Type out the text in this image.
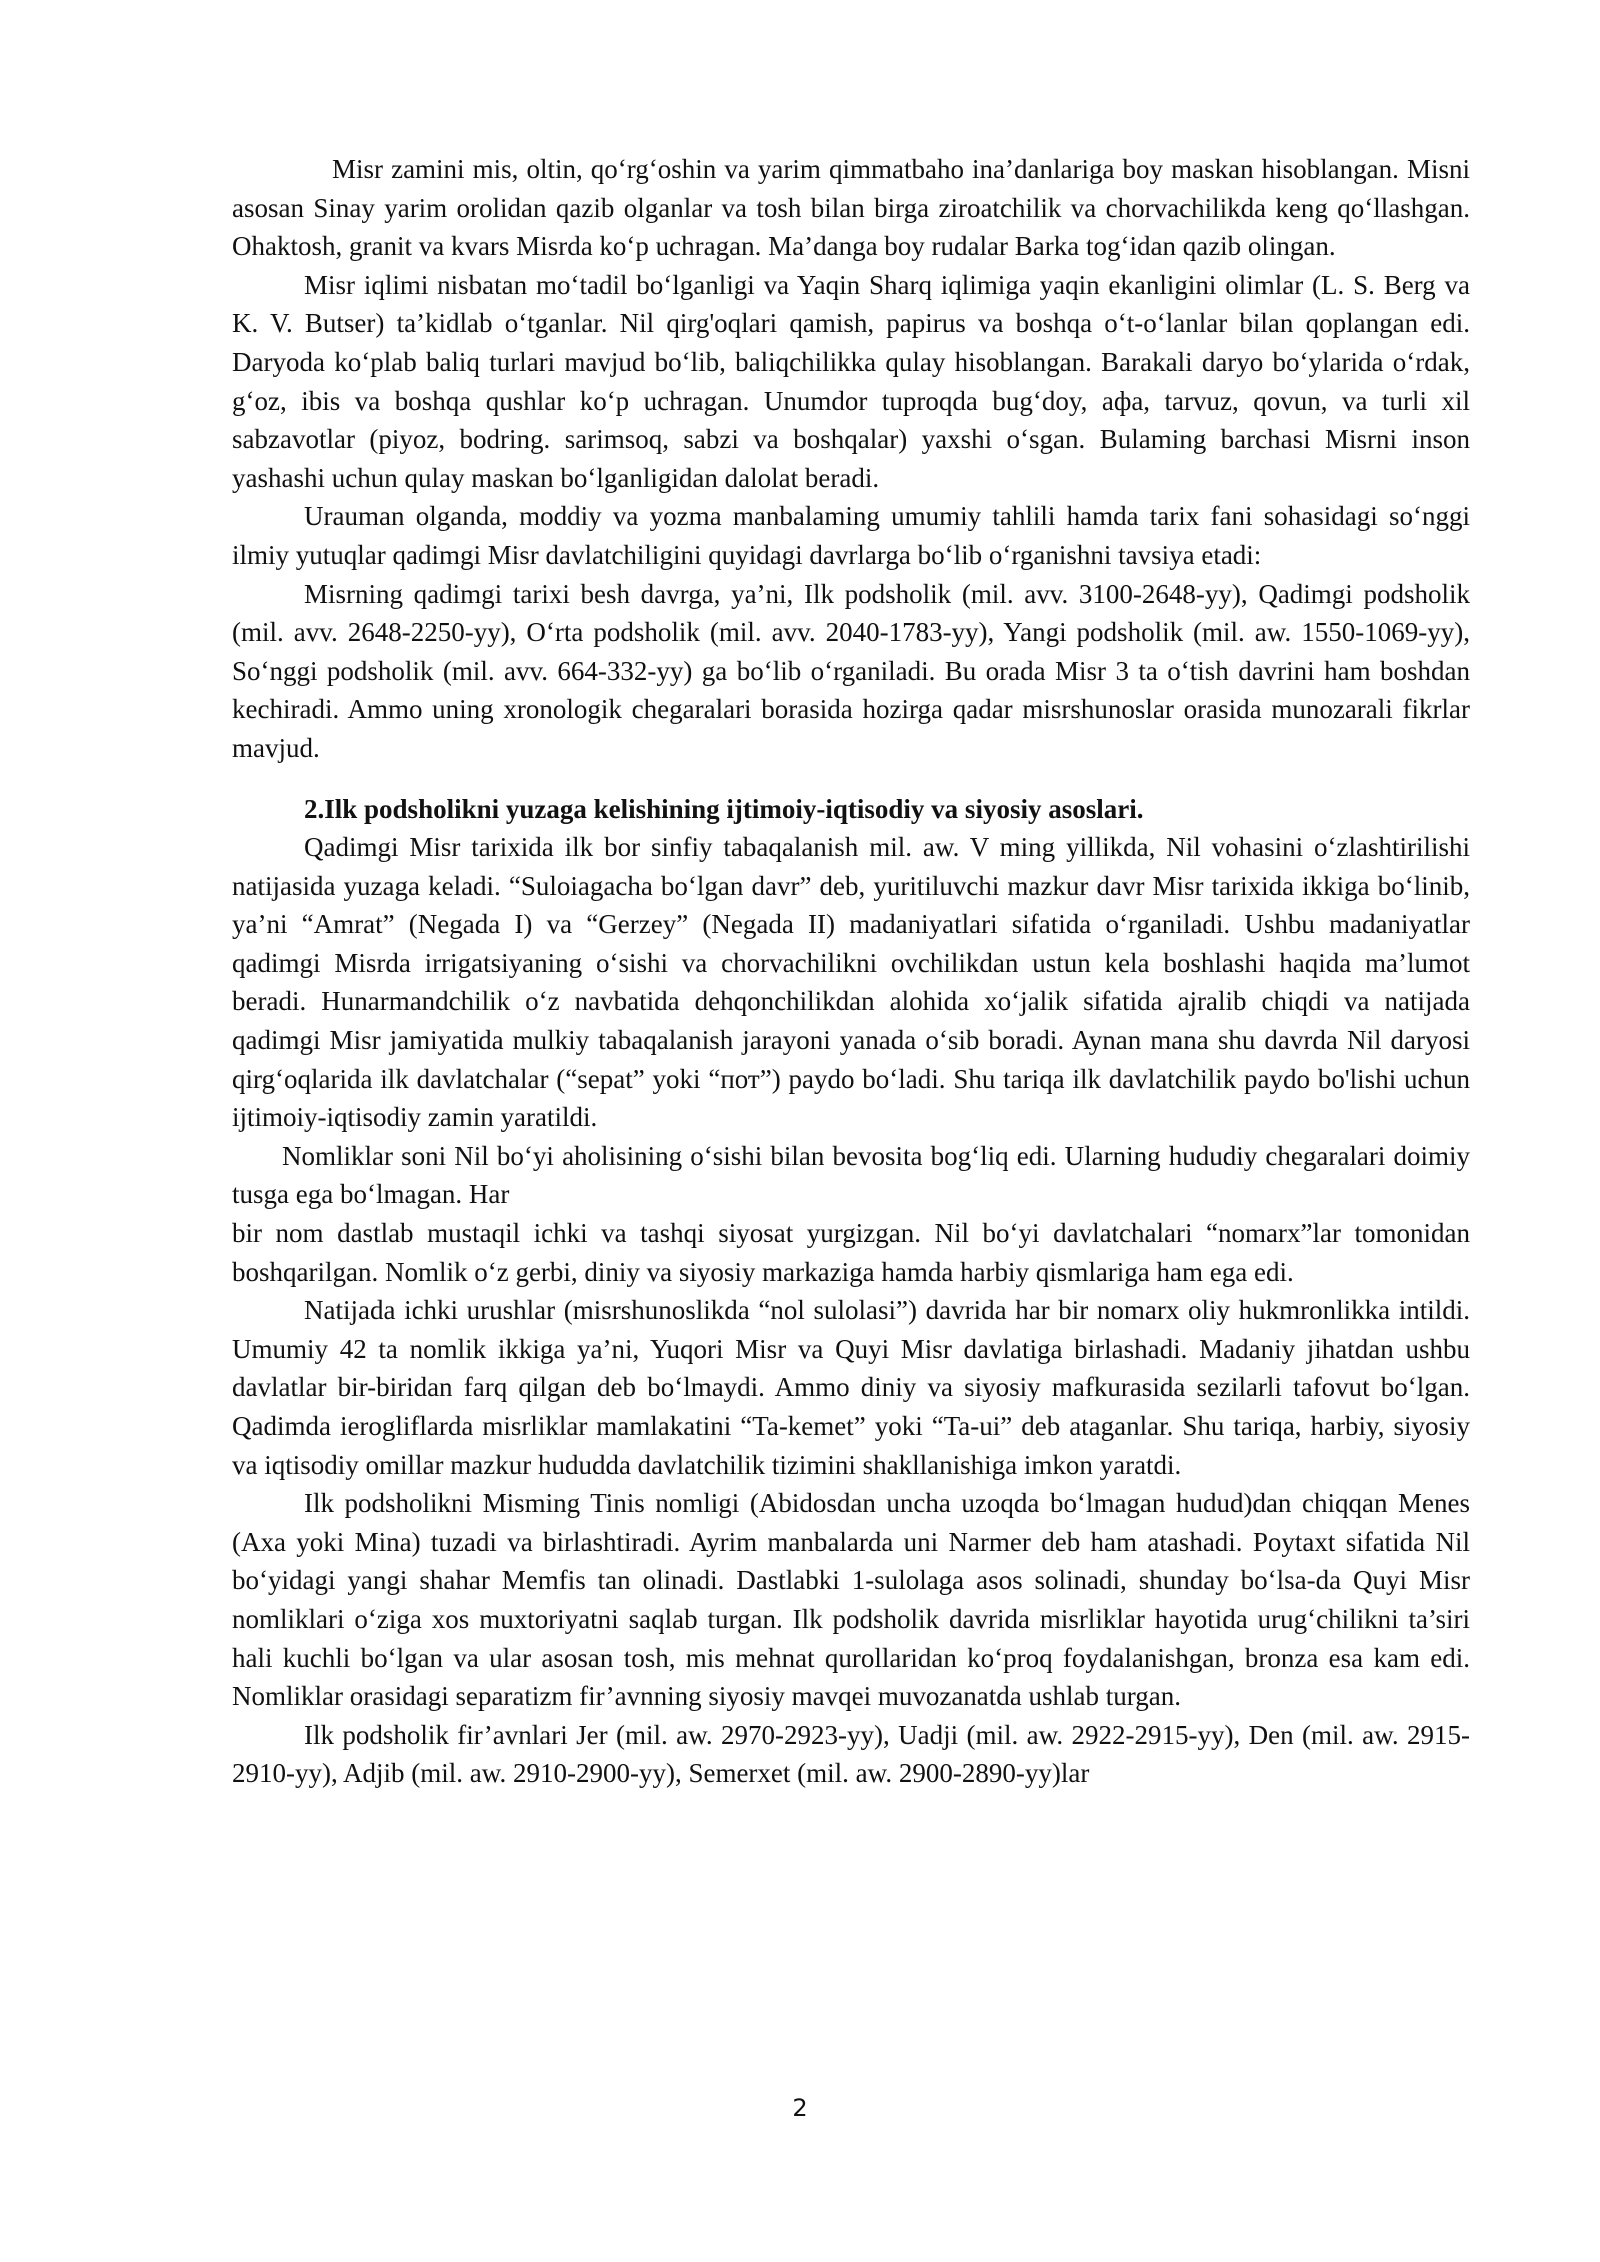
Misr zamini mis, oltin, qo‘rg‘oshin va yarim qimmatbaho ina’danlariga boy maskan hisoblangan. Misni asosan Sinay yarim orolidan qazib olganlar va tosh bilan birga ziroatchilik va chorvachilikda keng qo‘llashgan. Ohaktosh, granit va kvars Misrda ko‘p uchragan. Ma’danga boy rudalar Barka tog‘idan qazib olingan.

Misr iqlimi nisbatan mo‘tadil bo‘lganligi va Yaqin Sharq iqlimiga yaqin ekanligini olimlar (L. S. Berg va K. V. Butser) ta’kidlab o‘tganlar. Nil qirg'oqlari qamish, papirus va boshqa o‘t-o‘lanlar bilan qoplangan edi. Daryoda ko‘plab baliq turlari mavjud bo‘lib, baliqchilikka qulay hisoblangan. Barakali daryo bo‘ylarida o‘rdak, g‘oz, ibis va boshqa qushlar ko‘p uchragan. Unumdor tuproqda bug‘doy, aфa, tarvuz, qovun, va turli xil sabzavotlar (piyoz, bodring. sarimsoq, sabzi va boshqalar) yaxshi o‘sgan. Bulaming barchasi Misrni inson yashashi uchun qulay maskan bo‘lganligidan dalolat beradi.

Urauman olganda, moddiy va yozma manbalaming umumiy tahlili hamda tarix fani sohasidagi so‘nggi ilmiy yutuqlar qadimgi Misr davlatchiligini quyidagi davrlarga bo‘lib o‘rganishni tavsiya etadi:

Misrning qadimgi tarixi besh davrga, ya’ni, Ilk podsholik (mil. avv. 3100-2648-yy), Qadimgi podsholik (mil. avv. 2648-2250-yy), O‘rta podsholik (mil. avv. 2040-1783-yy), Yangi podsholik (mil. aw. 1550-1069-yy), So‘nggi podsholik (mil. avv. 664-332-yy) ga bo‘lib o‘rganiladi. Bu orada Misr 3 ta o‘tish davrini ham boshdan kechiradi. Ammo uning xronologik chegaralari borasida hozirga qadar misrshunoslar orasida munozarali fikrlar mavjud.

2.Ilk podsholikni yuzaga kelishining ijtimoiy-iqtisodiy va siyosiy asoslari.

Qadimgi Misr tarixida ilk bor sinfiy tabaqalanish mil. aw. V ming yillikda, Nil vohasini o‘zlashtirilishi natijasida yuzaga keladi. “Suloiagacha bo‘lgan davr” deb, yuritiluvchi mazkur davr Misr tarixida ikkiga bo‘linib, ya’ni “Amrat” (Negada I) va “Gerzey” (Negada II) madaniyatlari sifatida o‘rganiladi. Ushbu madaniyatlar qadimgi Misrda irrigatsiyaning o‘sishi va chorvachilikni ovchilikdan ustun kela boshlashi haqida ma’lumot beradi. Hunarmandchilik o‘z navbatida dehqonchilikdan alohida xo‘jalik sifatida ajralib chiqdi va natijada qadimgi Misr jamiyatida mulkiy tabaqalanish jarayoni yanada o‘sib boradi. Aynan mana shu davrda Nil daryosi qirg‘oqlarida ilk davlatchalar (“sepat” yoki “пот”) paydo bo‘ladi. Shu tariqa ilk davlatchilik paydo bo'lishi uchun ijtimoiy-iqtisodiy zamin yaratildi.

Nomliklar soni Nil bo‘yi aholisining o‘sishi bilan bevosita bog‘liq edi. Ularning hududiy chegaralari doimiy tusga ega bo‘lmagan. Har

bir nom dastlab mustaqil ichki va tashqi siyosat yurgizgan. Nil bo‘yi davlatchalari “nomarx”lar tomonidan boshqarilgan. Nomlik o‘z gerbi, diniy va siyosiy markaziga hamda harbiy qismlariga ham ega edi.

Natijada ichki urushlar (misrshunoslikda “nol sulolasi”) davrida har bir nomarx oliy hukmronlikka intildi. Umumiy 42 ta nomlik ikkiga ya’ni, Yuqori Misr va Quyi Misr davlatiga birlashadi. Madaniy jihatdan ushbu davlatlar bir-biridan farq qilgan deb bo‘lmaydi. Ammo diniy va siyosiy mafkurasida sezilarli tafovut bo‘lgan. Qadimda ierogliflarda misrliklar mamlakatini “Ta-kemet” yoki “Ta-ui” deb ataganlar. Shu tariqa, harbiy, siyosiy va iqtisodiy omillar mazkur hududda davlatchilik tizimini shakllanishiga imkon yaratdi.

Ilk podsholikni Misming Tinis nomligi (Abidosdan uncha uzoqda bo‘lmagan hudud)dan chiqqan Menes (Axa yoki Mina) tuzadi va birlashtiradi. Ayrim manbalarda uni Narmer deb ham atashadi. Poytaxt sifatida Nil bo‘yidagi yangi shahar Memfis tan olinadi. Dastlabki 1-sulolaga asos solinadi, shunday bo‘lsa-da Quyi Misr nomliklari o‘ziga xos muxtoriyatni saqlab turgan. Ilk podsholik davrida misrliklar hayotida urug‘chilikni ta’siri hali kuchli bo‘lgan va ular asosan tosh, mis mehnat qurollaridan ko‘proq foydalanishgan, bronza esa kam edi. Nomliklar orasidagi separatizm fir’avnning siyosiy mavqei muvozanatda ushlab turgan.

Ilk podsholik fir’avnlari Jer (mil. aw. 2970-2923-yy), Uadji (mil. aw. 2922-2915-yy), Den (mil. aw. 2915-2910-yy), Adjib (mil. aw. 2910-2900-yy), Semerxet (mil. aw. 2900-2890-yy)lar

2
